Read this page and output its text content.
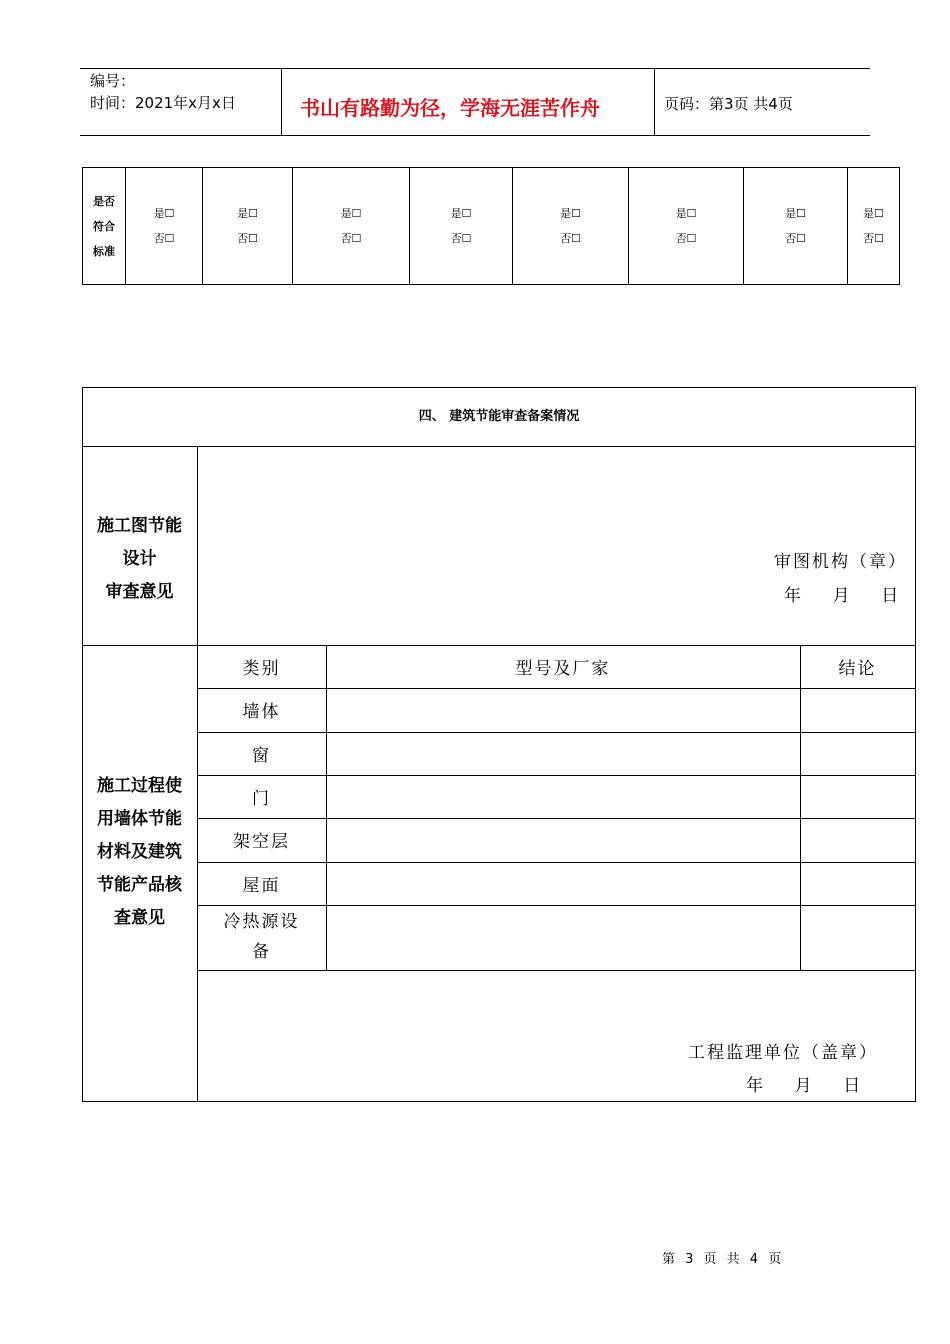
编号：
时间：2021年x月x日	书山有路勤为径，学海无涯苦作舟	页码：第3页 共4页
是否
符合
标准

是☐
否☐

是☐
否☐

是☐
否☐

是☐
否☐

是☐
否☐

是☐
否☐

是☐
否☐

是☐
否☐
四、 建筑节能审查备案情况
施工图节能
设计
审查意见
审图机构（章）
年    月    日
施工过程使
用墙体节能
材料及建筑
节能产品核
查意见
类别	型号及厂家	结论
墙体
窗
门
架空层
屋面
冷热源设
备
工程监理单位（盖章）
年    月    日
第 3 页 共 4 页
